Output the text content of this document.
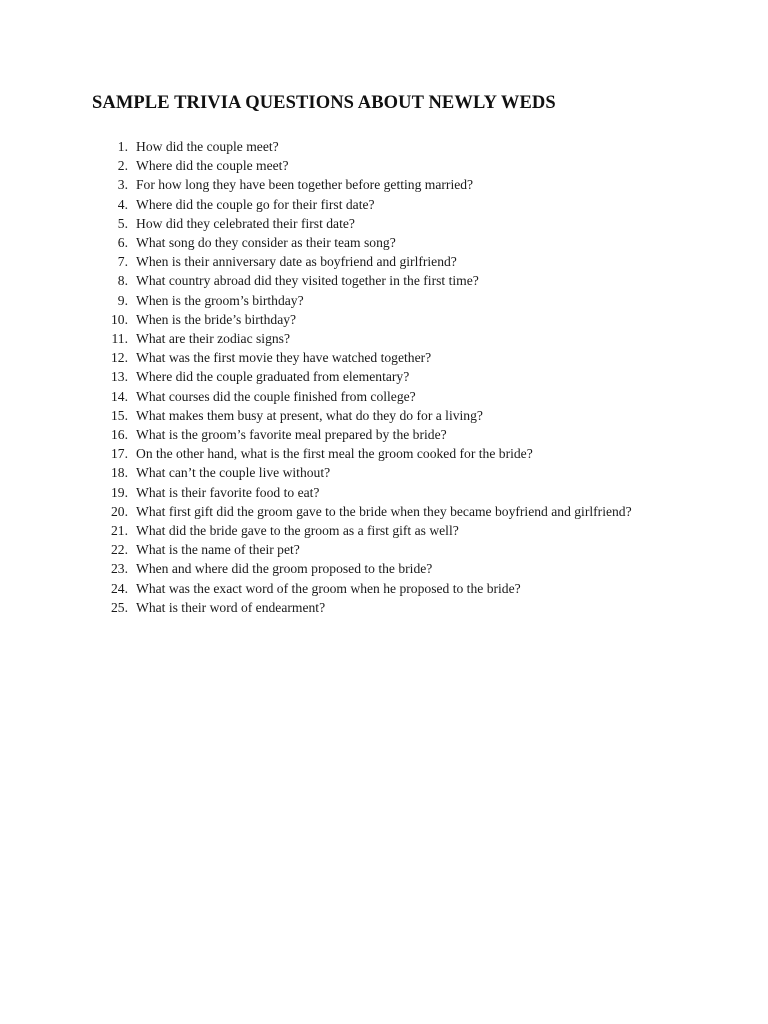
SAMPLE TRIVIA QUESTIONS ABOUT NEWLY WEDS
1. How did the couple meet?
2. Where did the couple meet?
3. For how long they have been together before getting married?
4. Where did the couple go for their first date?
5. How did they celebrated their first date?
6. What song do they consider as their team song?
7. When is their anniversary date as boyfriend and girlfriend?
8. What country abroad did they visited together in the first time?
9. When is the groom’s birthday?
10. When is the bride’s birthday?
11. What are their zodiac signs?
12. What was the first movie they have watched together?
13. Where did the couple graduated from elementary?
14. What courses did the couple finished from college?
15. What makes them busy at present, what do they do for a living?
16. What is the groom’s favorite meal prepared by the bride?
17. On the other hand, what is the first meal the groom cooked for the bride?
18. What can’t the couple live without?
19. What is their favorite food to eat?
20. What first gift did the groom gave to the bride when they became boyfriend and girlfriend?
21. What did the bride gave to the groom as a first gift as well?
22. What is the name of their pet?
23. When and where did the groom proposed to the bride?
24. What was the exact word of the groom when he proposed to the bride?
25. What is their word of endearment?
